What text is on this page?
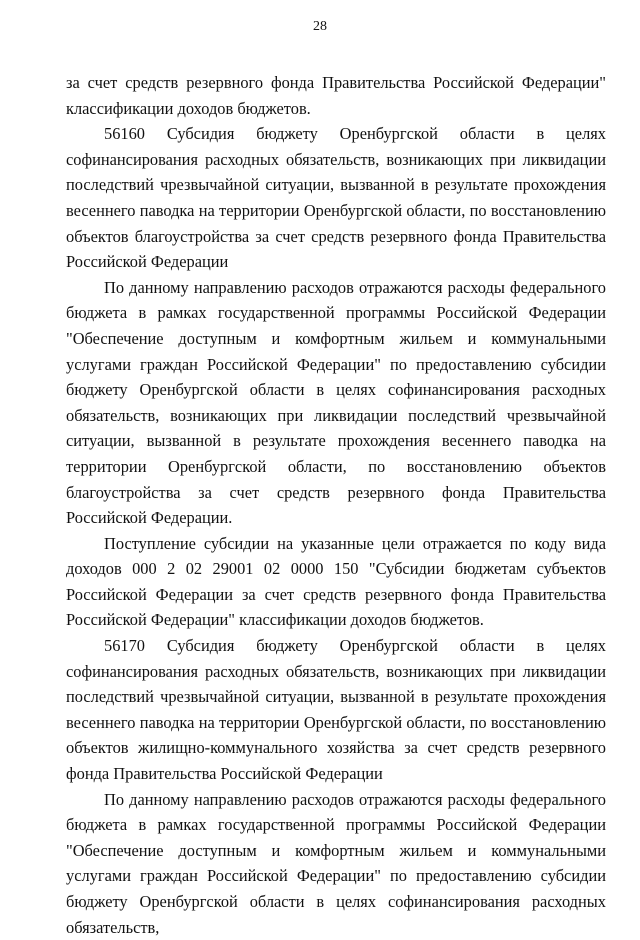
28

за счет средств резервного фонда Правительства Российской Федерации" классификации доходов бюджетов.

56160 Субсидия бюджету Оренбургской области в целях софинансирования расходных обязательств, возникающих при ликвидации последствий чрезвычайной ситуации, вызванной в результате прохождения весеннего паводка на территории Оренбургской области, по восстановлению объектов благоустройства за счет средств резервного фонда Правительства Российской Федерации

По данному направлению расходов отражаются расходы федерального бюджета в рамках государственной программы Российской Федерации "Обеспечение доступным и комфортным жильем и коммунальными услугами граждан Российской Федерации" по предоставлению субсидии бюджету Оренбургской области в целях софинансирования расходных обязательств, возникающих при ликвидации последствий чрезвычайной ситуации, вызванной в результате прохождения весеннего паводка на территории Оренбургской области, по восстановлению объектов благоустройства за счет средств резервного фонда Правительства Российской Федерации.

Поступление субсидии на указанные цели отражается по коду вида доходов 000 2 02 29001 02 0000 150 "Субсидии бюджетам субъектов Российской Федерации за счет средств резервного фонда Правительства Российской Федерации" классификации доходов бюджетов.

56170 Субсидия бюджету Оренбургской области в целях софинансирования расходных обязательств, возникающих при ликвидации последствий чрезвычайной ситуации, вызванной в результате прохождения весеннего паводка на территории Оренбургской области, по восстановлению объектов жилищно-коммунального хозяйства за счет средств резервного фонда Правительства Российской Федерации

По данному направлению расходов отражаются расходы федерального бюджета в рамках государственной программы Российской Федерации "Обеспечение доступным и комфортным жильем и коммунальными услугами граждан Российской Федерации" по предоставлению субсидии бюджету Оренбургской области в целях софинансирования расходных обязательств,
